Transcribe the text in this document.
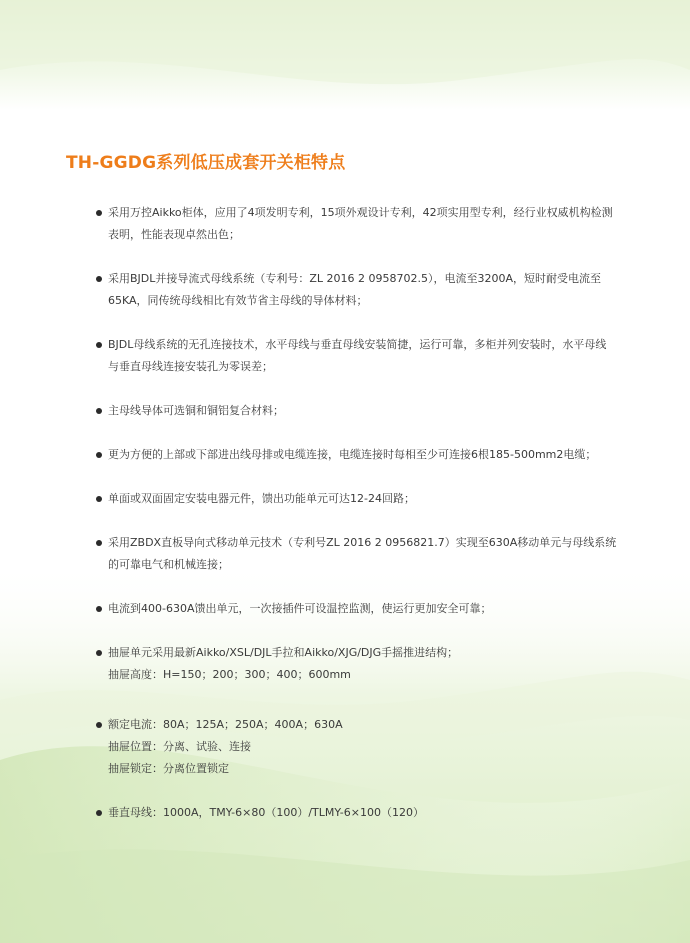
TH-GGDG系列低压成套开关柜特点
采用万控Aikko柜体，应用了4项发明专利，15项外观设计专利，42项实用型专利，经行业权威机构检测
表明，性能表现卓然出色；
采用BJDL并接导流式母线系统（专利号：ZL 2016 2 0958702.5），电流至3200A，短时耐受电流至
65KA，同传统母线相比有效节省主母线的导体材料；
BJDL母线系统的无孔连接技术，水平母线与垂直母线安装简捷，运行可靠，多柜并列安装时，水平母线
与垂直母线连接安装孔为零误差；
主母线导体可选铜和铜铝复合材料；
更为方便的上部或下部进出线母排或电缆连接，电缆连接时每相至少可连接6根185-500mm2电缆；
单面或双面固定安装电器元件，馈出功能单元可达12-24回路；
采用ZBDX直板导向式移动单元技术（专利号ZL 2016 2 0956821.7）实现至630A移动单元与母线系统
的可靠电气和机械连接；
电流到400-630A馈出单元，一次接插件可设温控监测，使运行更加安全可靠；
抽屉单元采用最新Aikko/XSL/DJL手拉和Aikko/XJG/DJG手摇推进结构；
抽屉高度：H=150；200；300；400；600mm
额定电流：80A；125A；250A；400A；630A
抽屉位置：分离、试验、连接
抽屉锁定：分离位置锁定
垂直母线：1000A，TMY-6×80（100）/TLMY-6×100（120）
